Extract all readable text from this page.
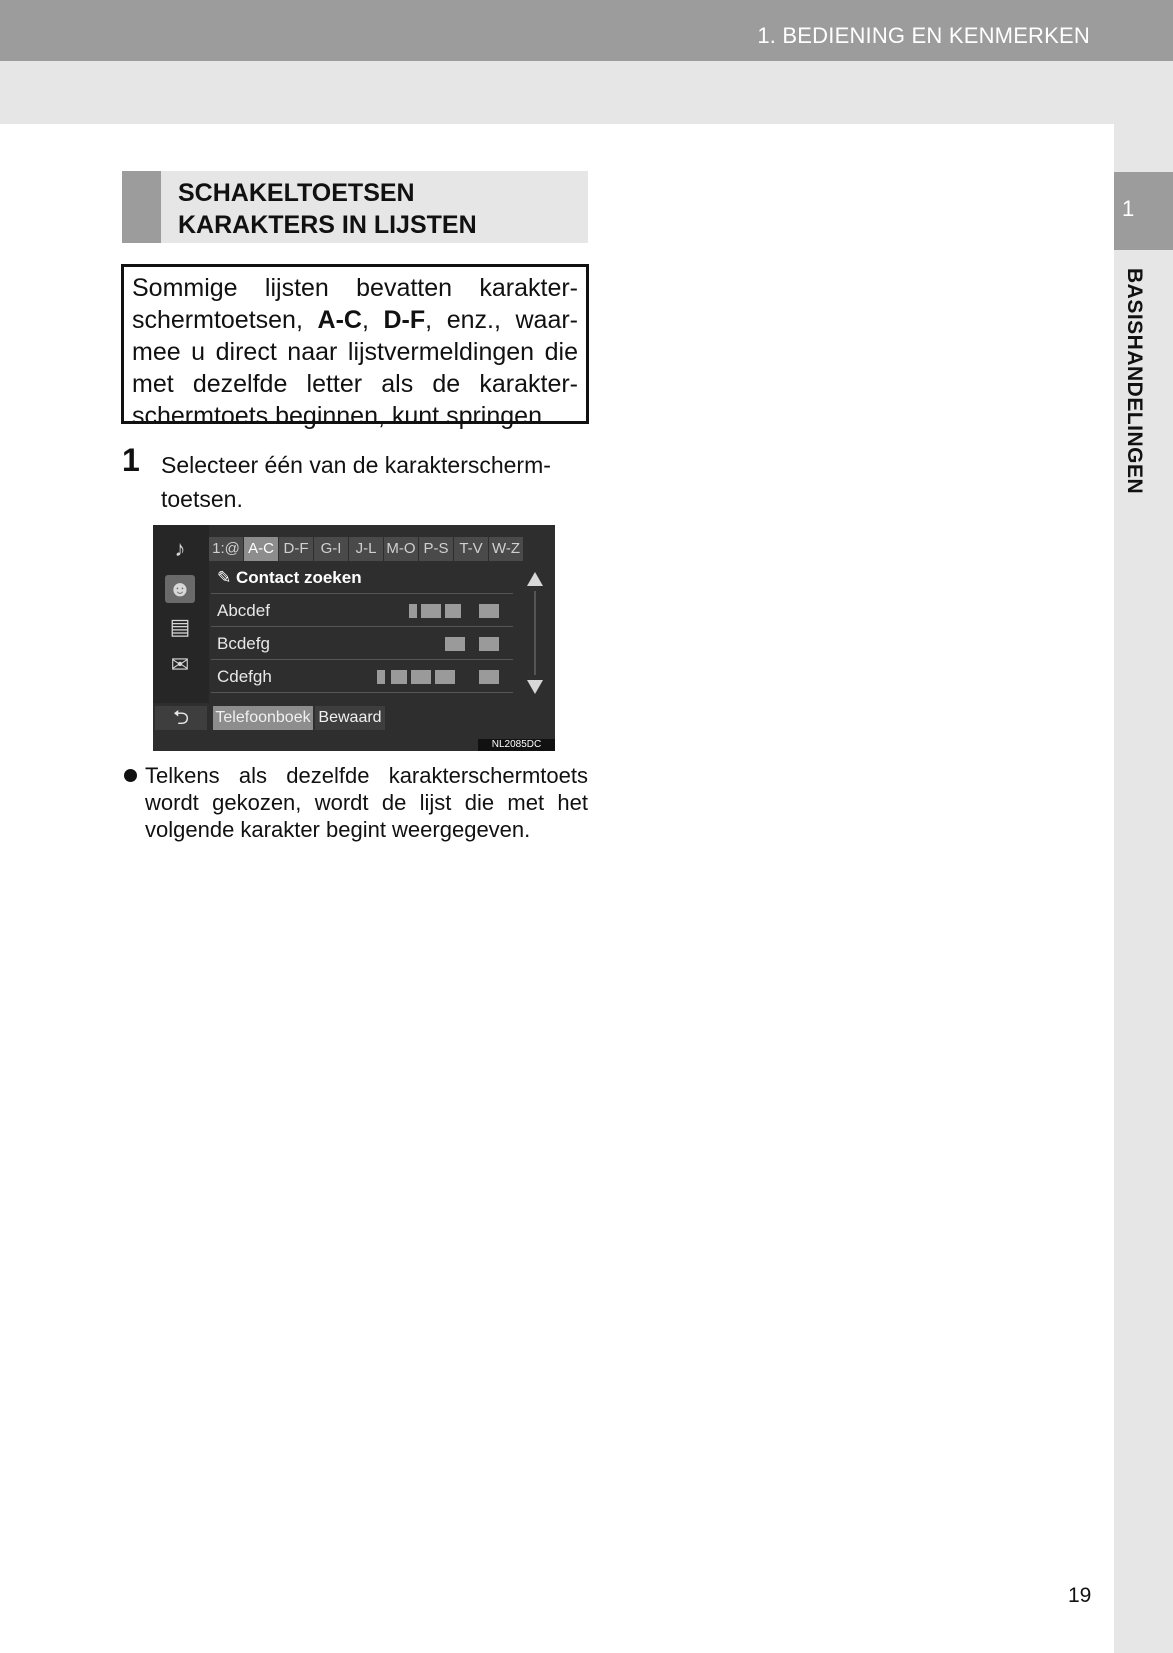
1. BEDIENING EN KENMERKEN
1
BASISHANDELINGEN
SCHAKELTOETSEN
KARAKTERS IN LIJSTEN
Sommige lijsten bevatten karakter-schermtoetsen, A-C, D-F, enz., waar-mee u direct naar lijstvermeldingen die met dezelfde letter als de karakter-schermtoets beginnen, kunt springen.
1 Selecteer één van de karakterscherm-toetsen.
♪
☻
▤
✉
1:@ A-C D-F G-I J-L M-O P-S T-V W-Z
✎ Contact zoeken
Abcdef
Bcdefg
Cdefgh
⮌	Telefoonboek Bewaard
NL2085DC
Telkens als dezelfde karakterschermtoets wordt gekozen, wordt de lijst die met het volgende karakter begint weergegeven.
19
